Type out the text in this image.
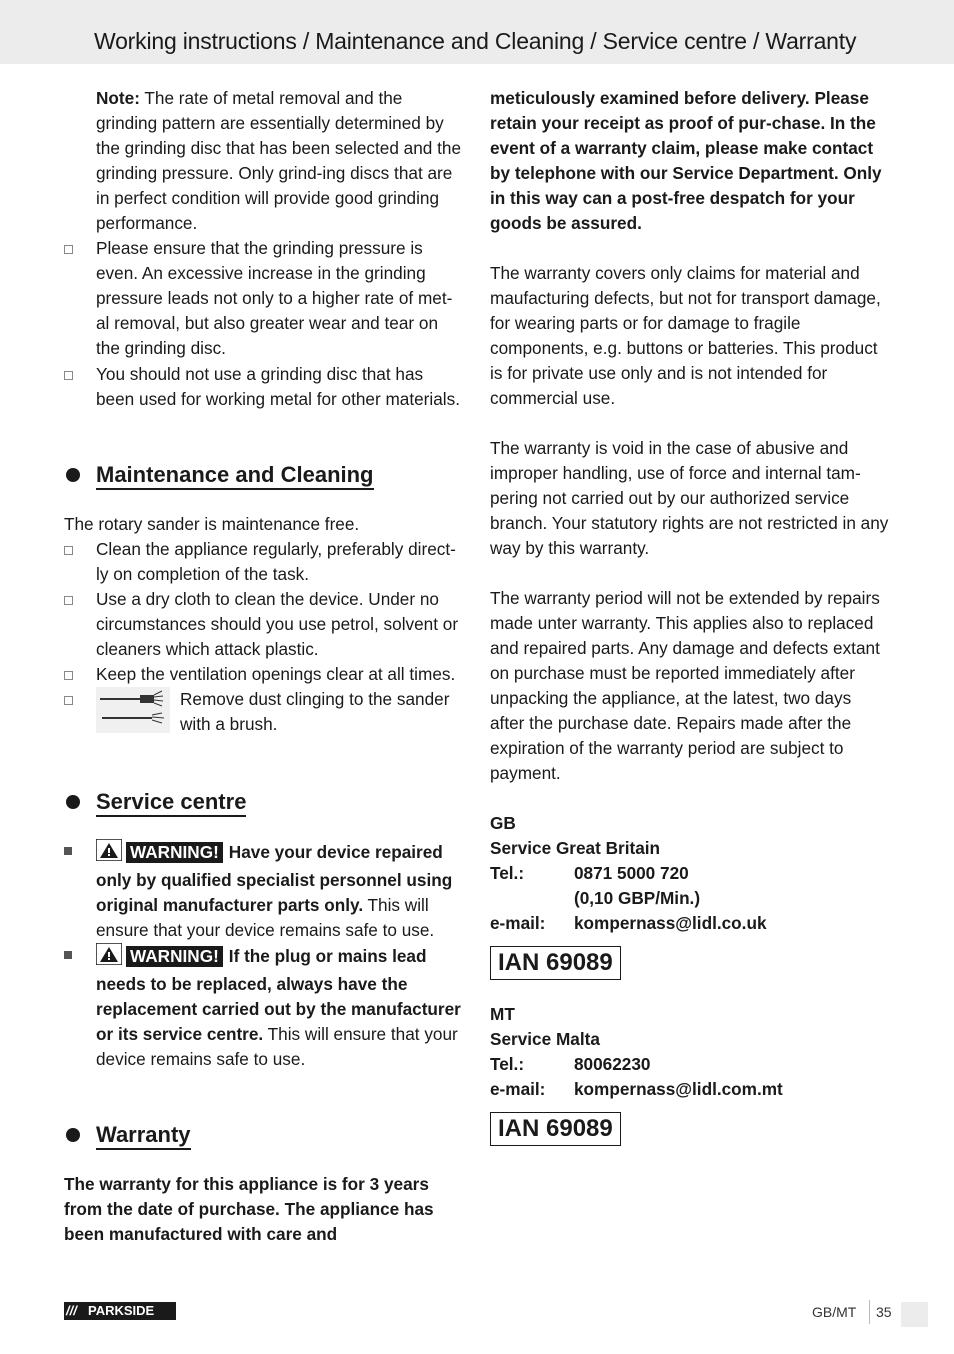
Working instructions / Maintenance and Cleaning / Service centre / Warranty

Note: The rate of metal removal and the grinding pattern are essentially determined by the grinding disc that has been selected and the grinding pressure. Only grind-ing discs that are in perfect condition will provide good grinding performance.

Please ensure that the grinding pressure is even. An excessive increase in the grinding pressure leads not only to a higher rate of met-al removal, but also greater wear and tear on the grinding disc.
You should not use a grinding disc that has been used for working metal for other materials.
Maintenance and Cleaning

The rotary sander is maintenance free.

Clean the appliance regularly, preferably direct-ly on completion of the task.
Use a dry cloth to clean the device. Under no circumstances should you use petrol, solvent or cleaners which attack plastic.
Keep the ventilation openings clear at all times.
Remove dust clinging to the sander with a brush.
Service centre
WARNING! Have your device repaired only by qualified specialist personnel using original manufacturer parts only. This will ensure that your device remains safe to use.
WARNING! If the plug or mains lead needs to be replaced, always have the replacement carried out by the manufacturer or its service centre. This will ensure that your device remains safe to use.
Warranty

The warranty for this appliance is for 3 years from the date of purchase. The appliance has been manufactured with care and

meticulously examined before delivery. Please retain your receipt as proof of pur-chase. In the event of a warranty claim, please make contact by telephone with our Service Department. Only in this way can a post-free despatch for your goods be assured.

The warranty covers only claims for material and maufacturing defects, but not for transport damage, for wearing parts or for damage to fragile components, e.g. buttons or batteries. This product is for private use only and is not intended for commercial use.

The warranty is void in the case of abusive and improper handling, use of force and internal tam-pering not carried out by our authorized service branch. Your statutory rights are not restricted in any way by this warranty.

The warranty period will not be extended by repairs made unter warranty. This applies also to replaced and repaired parts. Any damage and defects extant on purchase must be reported immediately after unpacking the appliance, at the latest, two days after the purchase date. Repairs made after the expiration of the warranty period are subject to payment.

GB
Service Great Britain
Tel.:	0871 5000 720
(0,10 GBP/Min.)
e-mail:	kompernass@lidl.co.uk
IAN 69089
MT
Service Malta
Tel.:	80062230
e-mail:	kompernass@lidl.com.mt
IAN 69089
/// PARKSIDE	GB/MT 35
